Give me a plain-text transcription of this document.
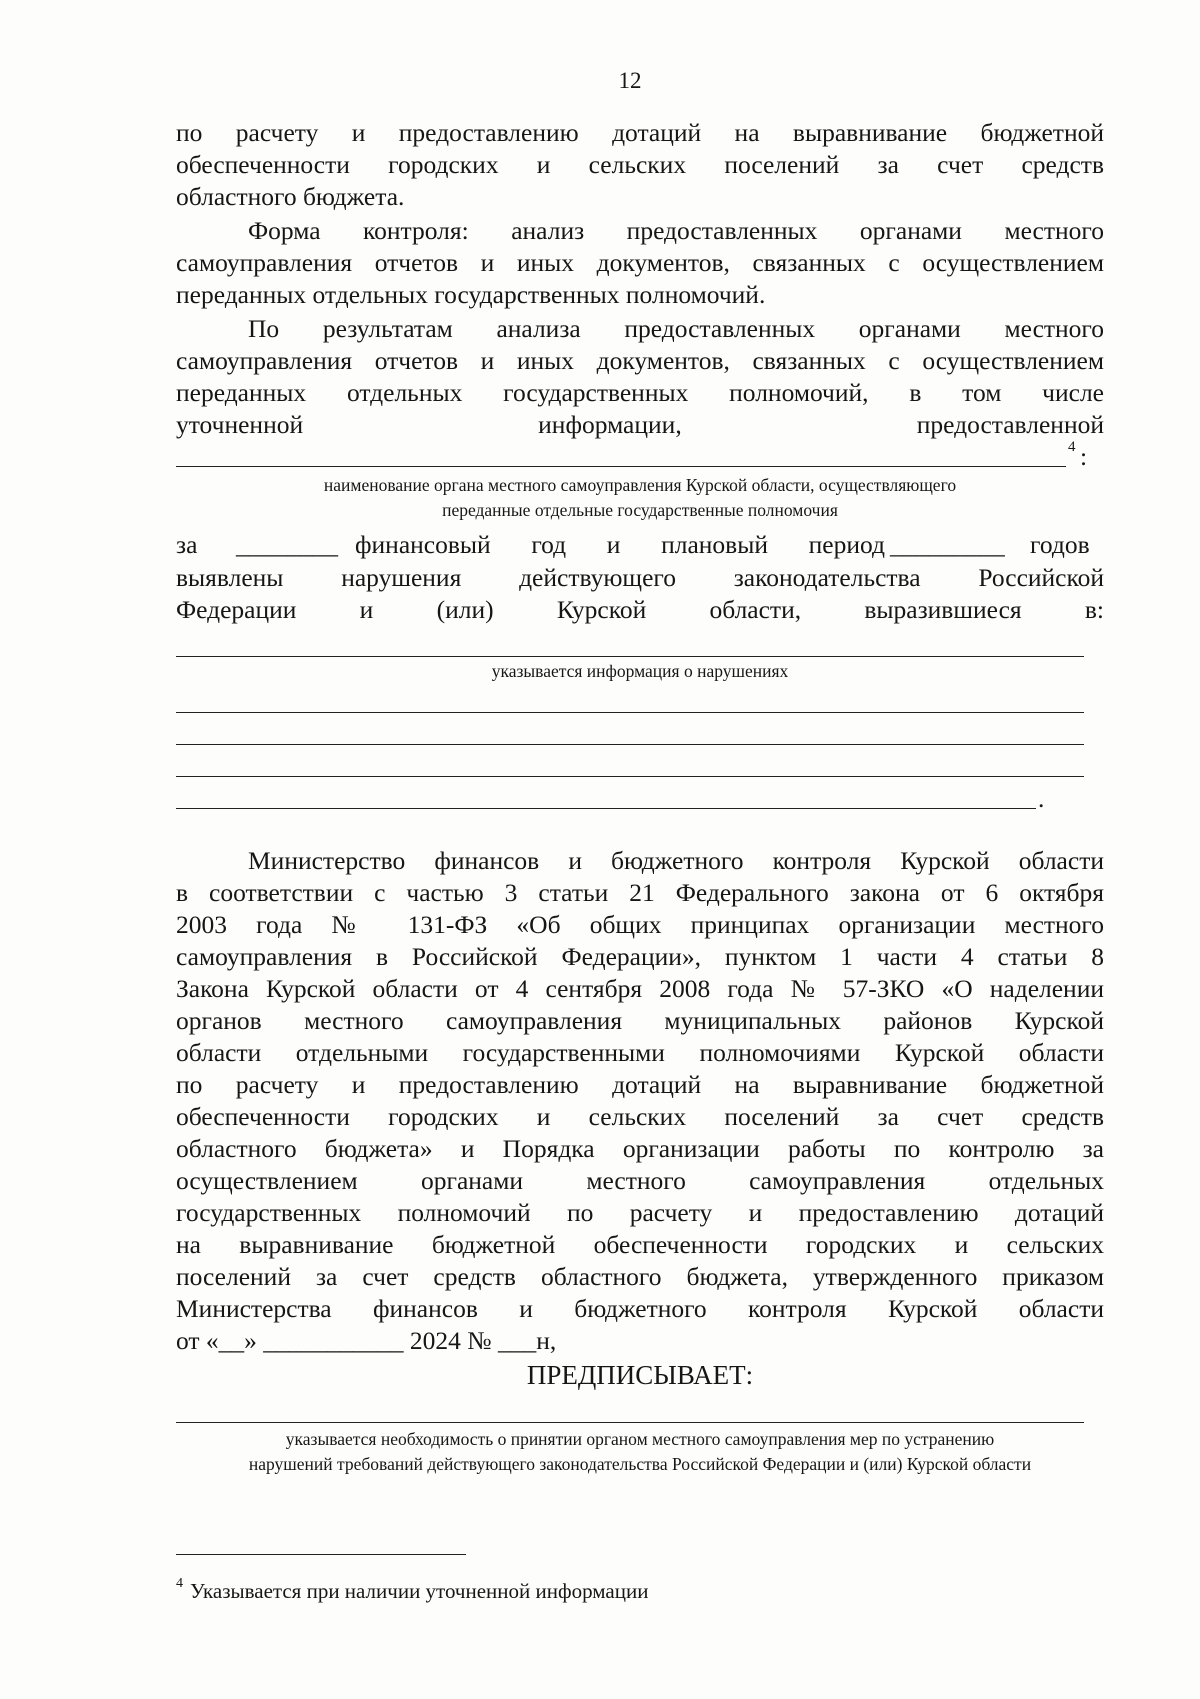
12
по расчету и предоставлению дотаций на выравнивание бюджетной
обеспеченности городских и сельских поселений за счет средств
областного бюджета.
Форма контроля: анализ предоставленных органами местного
самоуправления отчетов и иных документов, связанных с осуществлением
переданных отдельных государственных полномочий.
По результатам анализа предоставленных органами местного
самоуправления отчетов и иных документов, связанных с осуществлением
переданных отдельных государственных полномочий, в том числе
уточненной информации, предоставленной
4 :
наименование органа местного самоуправления Курской области, осуществляющего
переданные отдельные государственные полномочия
за	________ финансовый год и плановый период _________ годов
выявлены нарушения действующего законодательства Российской
Федерации и (или) Курской области, выразившиеся в:
указывается информация о нарушениях
.
Министерство финансов и бюджетного контроля Курской области
в соответствии с частью 3 статьи 21 Федерального закона от 6 октября
2003 года № 131-ФЗ «Об общих принципах организации местного
самоуправления в Российской Федерации», пунктом 1 части 4 статьи 8
Закона Курской области от 4 сентября 2008 года № 57-ЗКО «О наделении
органов местного самоуправления муниципальных районов Курской
области отдельными государственными полномочиями Курской области
по расчету и предоставлению дотаций на выравнивание бюджетной
обеспеченности городских и сельских поселений за счет средств
областного бюджета» и Порядка организации работы по контролю за
осуществлением органами местного самоуправления отдельных
государственных полномочий по расчету и предоставлению дотаций
на выравнивание бюджетной обеспеченности городских и сельских
поселений за счет средств областного бюджета, утвержденного приказом
Министерства финансов и бюджетного контроля Курской области
от «__» ___________ 2024 № ___н,
ПРЕДПИСЫВАЕТ:
указывается необходимость о принятии органом местного самоуправления мер по устранению
нарушений требований действующего законодательства Российской Федерации и (или) Курской области
4 Указывается при наличии уточненной информации
